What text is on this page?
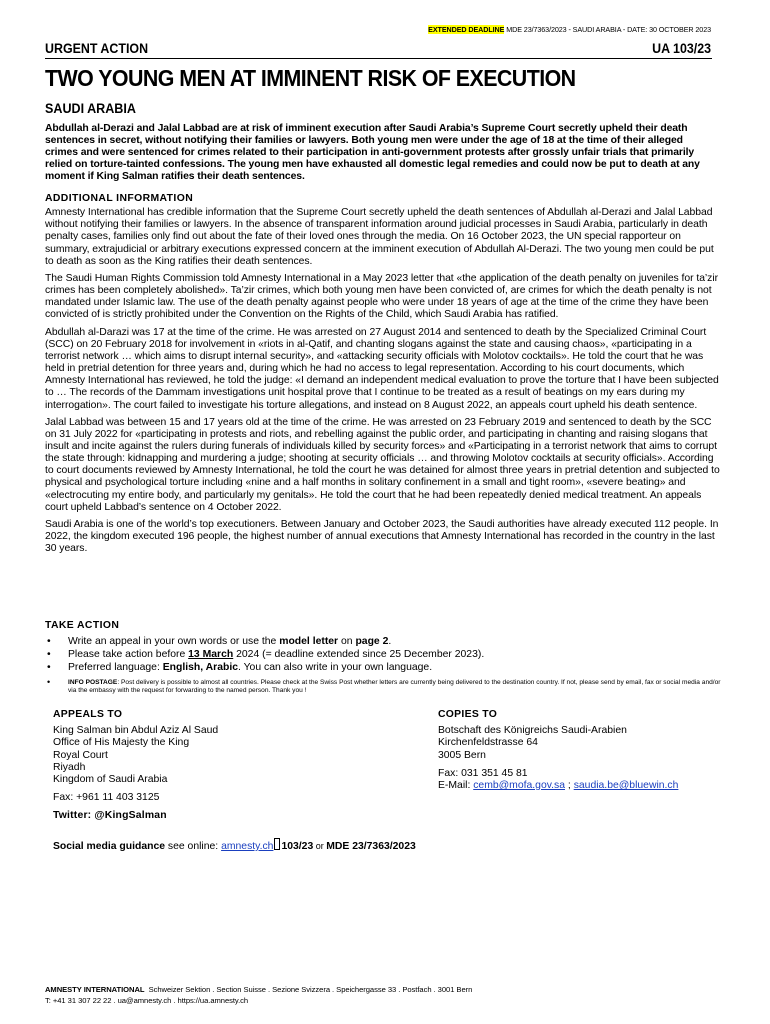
EXTENDED DEADLINE MDE 23/7363/2023 - SAUDI ARABIA - DATE: 30 OCTOBER 2023
URGENT ACTION	UA 103/23
TWO YOUNG MEN AT IMMINENT RISK OF EXECUTION
SAUDI ARABIA
Abdullah al-Derazi and Jalal Labbad are at risk of imminent execution after Saudi Arabia’s Supreme Court secretly upheld their death sentences in secret, without notifying their families or lawyers. Both young men were under the age of 18 at the time of their alleged crimes and were sentenced for crimes related to their participation in anti-government protests after grossly unfair trials that primarily relied on torture-tainted confessions. The young men have exhausted all domestic legal remedies and could now be put to death at any moment if King Salman ratifies their death sentences.
ADDITIONAL INFORMATION

Amnesty International has credible information that the Supreme Court secretly upheld the death sentences of Abdullah al-Derazi and Jalal Labbad without notifying their families or lawyers. In the absence of transparent information around judicial processes in Saudi Arabia, particularly in death penalty cases, families only find out about the fate of their loved ones through the media. On 16 October 2023, the UN special rapporteur on summary, extrajudicial or arbitrary executions expressed concern at the imminent execution of Abdullah Al-Derazi. The two young men could be put to death as soon as the King ratifies their death sentences.

The Saudi Human Rights Commission told Amnesty International in a May 2023 letter that «the application of the death penalty on juveniles for ta’zir crimes has been completely abolished». Ta’zir crimes, which both young men have been convicted of, are crimes for which the death penalty is not mandated under Islamic law. The use of the death penalty against people who were under 18 years of age at the time of the crime they have been convicted of is strictly prohibited under the Convention on the Rights of the Child, which Saudi Arabia has ratified.

Abdullah al-Darazi was 17 at the time of the crime. He was arrested on 27 August 2014 and sentenced to death by the Specialized Criminal Court (SCC) on 20 February 2018 for involvement in «riots in al-Qatif, and chanting slogans against the state and causing chaos», «participating in a terrorist network … which aims to disrupt internal security», and «attacking security officials with Molotov cocktails». He told the court that he was held in pretrial detention for three years and, during which he had no access to legal representation. According to his court documents, which Amnesty International has reviewed, he told the judge: «I demand an independent medical evaluation to prove the torture that I have been subjected to … The records of the Dammam investigations unit hospital prove that I continue to be treated as a result of beatings on my ears during my interrogation». The court failed to investigate his torture allegations, and instead on 8 August 2022, an appeals court upheld his death sentence.

Jalal Labbad was between 15 and 17 years old at the time of the crime. He was arrested on 23 February 2019 and sentenced to death by the SCC on 31 July 2022 for «participating in protests and riots, and rebelling against the public order, and participating in chanting and raising slogans that insult and incite against the rulers during funerals of individuals killed by security forces» and «Participating in a terrorist network that aims to corrupt the state through: kidnapping and murdering a judge; shooting at security officials … and throwing Molotov cocktails at security officials». According to court documents reviewed by Amnesty International, he told the court he was detained for almost three years in pretrial detention and subjected to physical and psychological torture including «nine and a half months in solitary confinement in a small and tight room», «severe beating» and «electrocuting my entire body, and particularly my genitals». He told the court that he had been repeatedly denied medical treatment. An appeals court upheld Labbad’s sentence on 4 October 2022.

Saudi Arabia is one of the world’s top executioners. Between January and October 2023, the Saudi authorities have already executed 112 people. In 2022, the kingdom executed 196 people, the highest number of annual executions that Amnesty International has recorded in the country in the last 30 years.

TAKE ACTION
• Write an appeal in your own words or use the model letter on page 2.
• Please take action before 13 March 2024 (= deadline extended since 25 December 2023).
• Preferred language: English, Arabic. You can also write in your own language.
• INFO POSTAGE: Post delivery is possible to almost all countries. Please check at the Swiss Post whether letters are currently being delivered to the destination country. If not, please send by email, fax or social media and/or via the embassy with the request for forwarding to the named person. Thank you !
APPEALS TO
King Salman bin Abdul Aziz Al Saud
Office of His Majesty the King
Royal Court
Riyadh
Kingdom of Saudi Arabia
Fax: +961 11 403 3125
Twitter: @KingSalman
COPIES TO
Botschaft des Königreichs Saudi-Arabien
Kirchenfeldstrasse 64
3005 Bern
Fax: 031 351 45 81
E-Mail: cemb@mofa.gov.sa ; saudia.be@bluewin.ch
Social media guidance see online: amnesty.ch 103/23 or MDE 23/7363/2023
AMNESTY INTERNATIONAL Schweizer Sektion . Section Suisse . Sezione Svizzera . Speichergasse 33 . Postfach . 3001 Bern
T: +41 31 307 22 22 . ua@amnesty.ch . https://ua.amnesty.ch
